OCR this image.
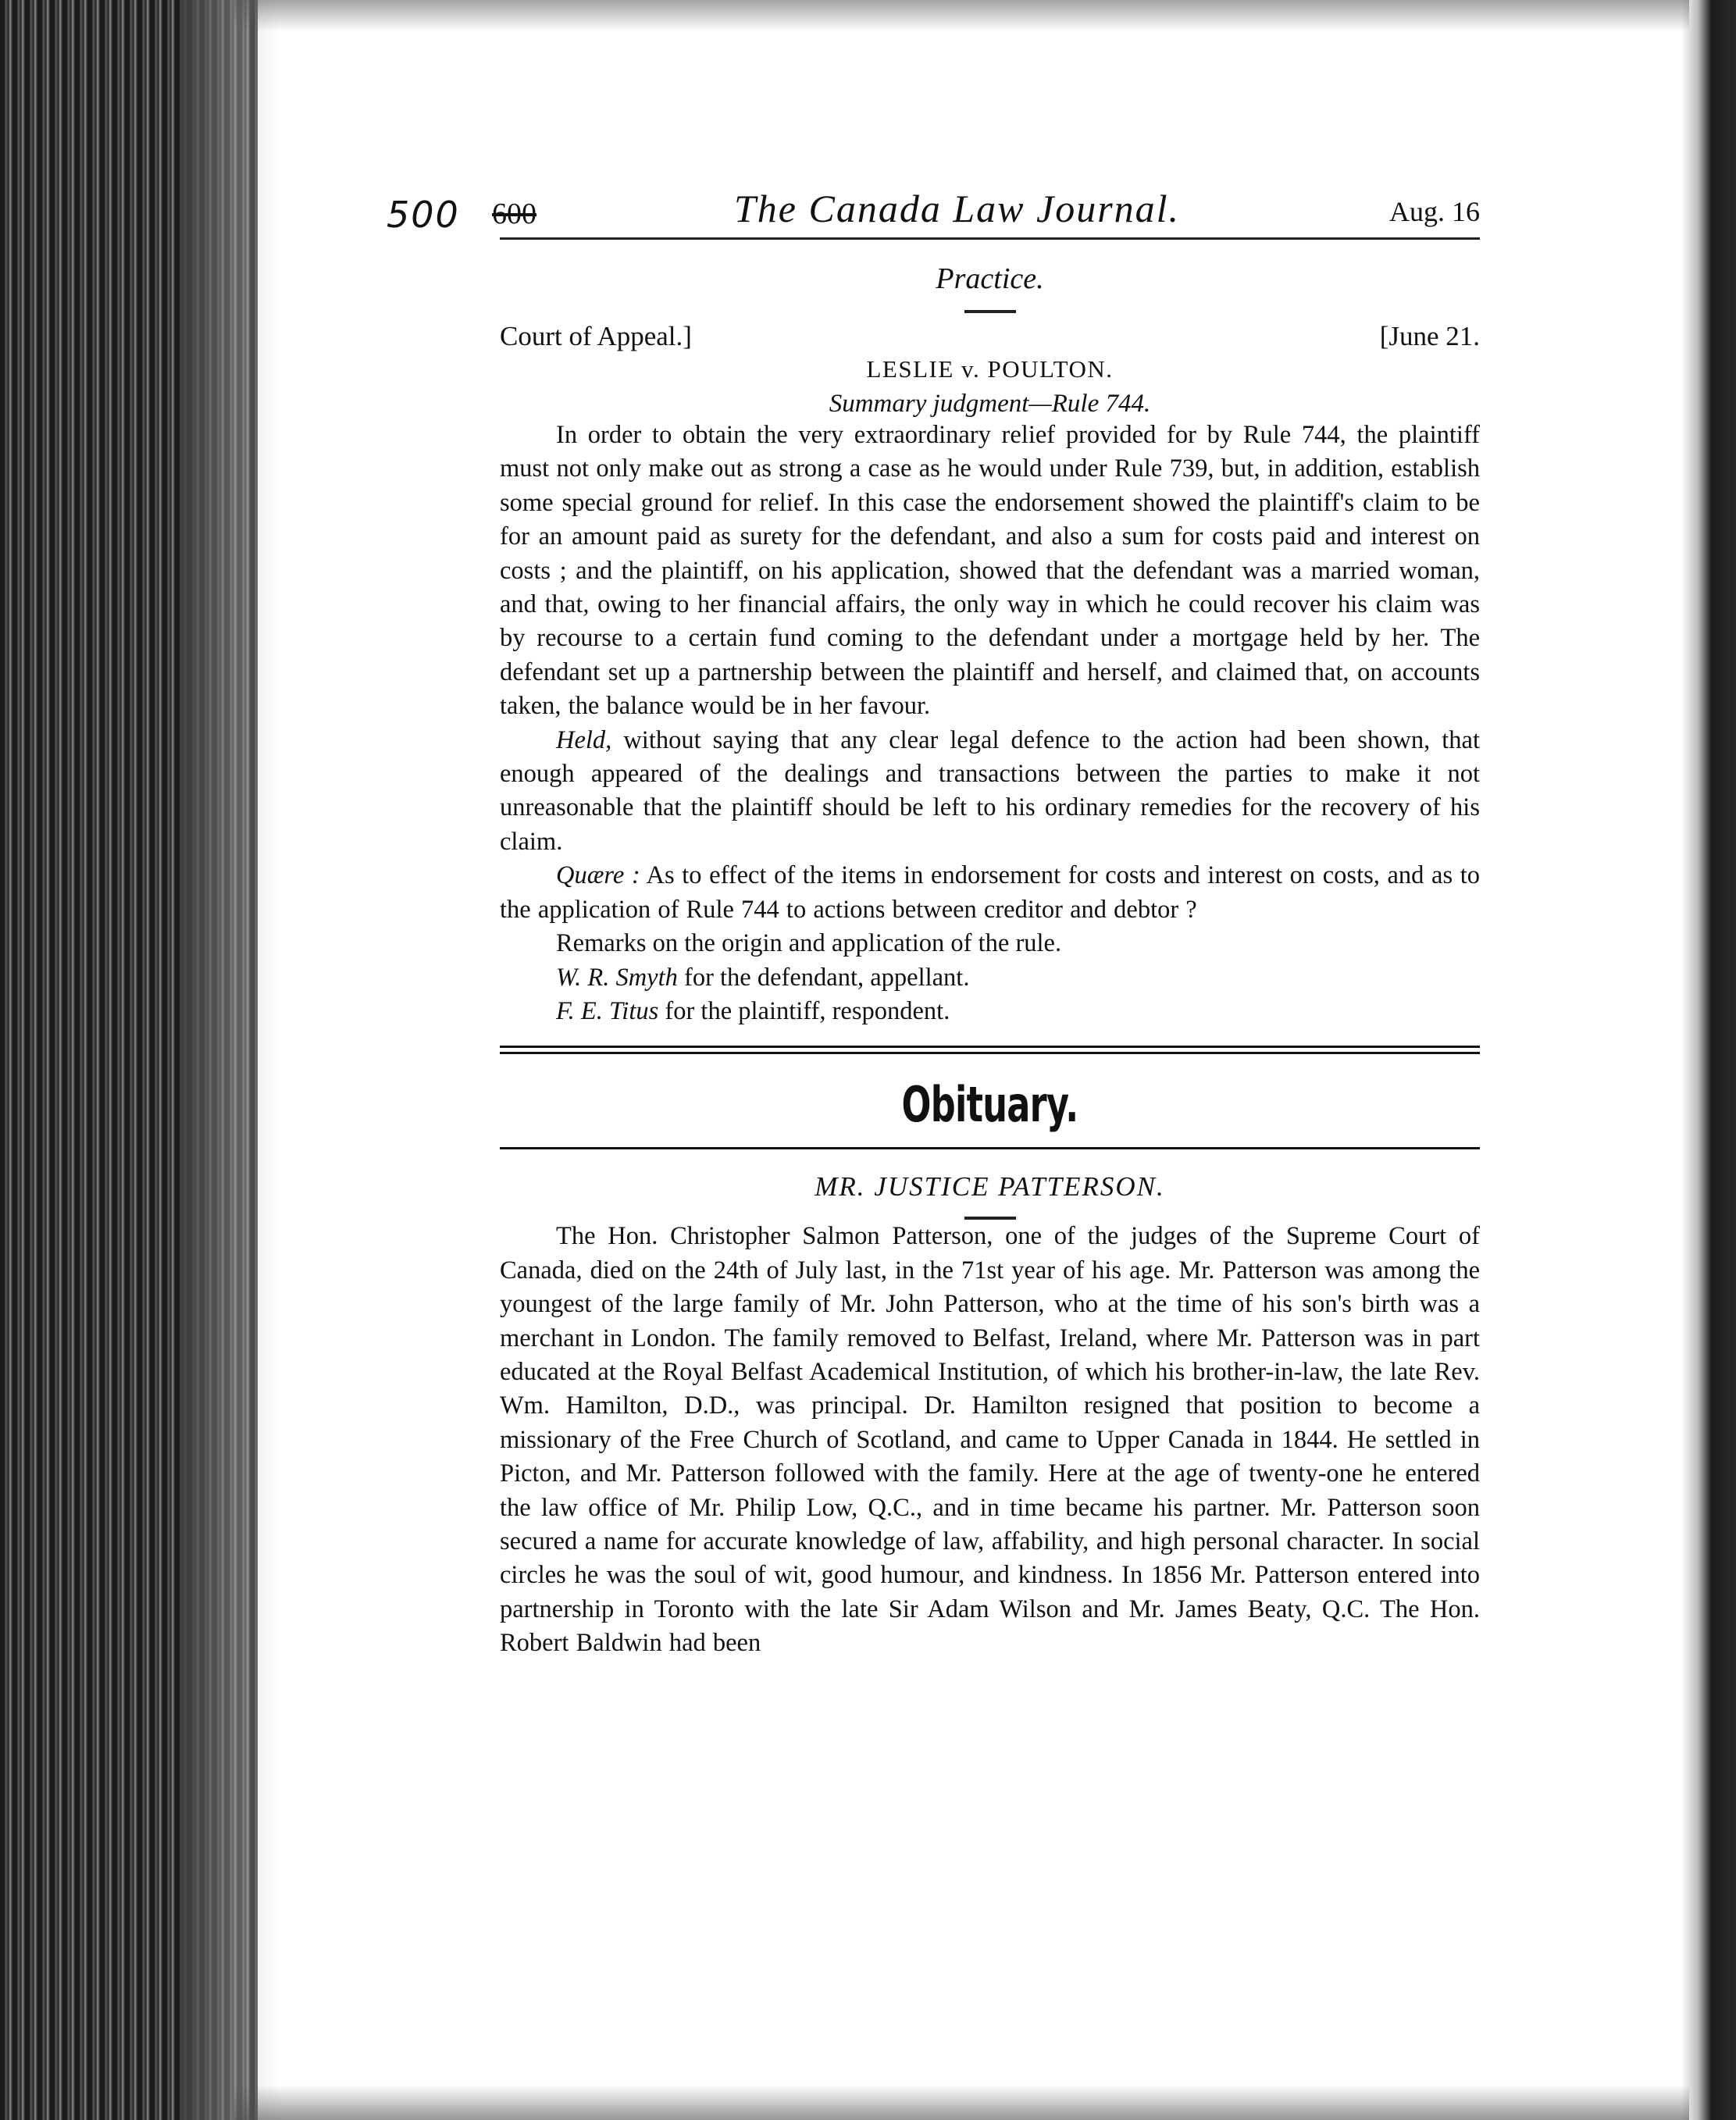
500 600	The Canada Law Journal.	Aug. 16
Practice.
Court of Appeal.]	[June 21.
LESLIE v. POULTON.
Summary judgment—Rule 744.

In order to obtain the very extraordinary relief provided for by Rule 744, the plaintiff must not only make out as strong a case as he would under Rule 739, but, in addition, establish some special ground for relief. In this case the endorsement showed the plaintiff's claim to be for an amount paid as surety for the defendant, and also a sum for costs paid and interest on costs ; and the plaintiff, on his application, showed that the defendant was a married woman, and that, owing to her financial affairs, the only way in which he could recover his claim was by recourse to a certain fund coming to the defendant under a mortgage held by her. The defendant set up a partnership between the plaintiff and herself, and claimed that, on accounts taken, the balance would be in her favour.

Held, without saying that any clear legal defence to the action had been shown, that enough appeared of the dealings and transactions between the parties to make it not unreasonable that the plaintiff should be left to his ordinary remedies for the recovery of his claim.

Quære : As to effect of the items in endorsement for costs and interest on costs, and as to the application of Rule 744 to actions between creditor and debtor ?

Remarks on the origin and application of the rule.

W. R. Smyth for the defendant, appellant.

F. E. Titus for the plaintiff, respondent.

Obituary.
MR. JUSTICE PATTERSON.

The Hon. Christopher Salmon Patterson, one of the judges of the Supreme Court of Canada, died on the 24th of July last, in the 71st year of his age. Mr. Patterson was among the youngest of the large family of Mr. John Patterson, who at the time of his son's birth was a merchant in London. The family removed to Belfast, Ireland, where Mr. Patterson was in part educated at the Royal Belfast Academical Institution, of which his brother-in-law, the late Rev. Wm. Hamilton, D.D., was principal. Dr. Hamilton resigned that position to become a missionary of the Free Church of Scotland, and came to Upper Canada in 1844. He settled in Picton, and Mr. Patterson followed with the family. Here at the age of twenty-one he entered the law office of Mr. Philip Low, Q.C., and in time became his partner. Mr. Patterson soon secured a name for accurate knowledge of law, affability, and high personal character. In social circles he was the soul of wit, good humour, and kindness. In 1856 Mr. Patterson entered into partnership in Toronto with the late Sir Adam Wilson and Mr. James Beaty, Q.C. The Hon. Robert Baldwin had been
